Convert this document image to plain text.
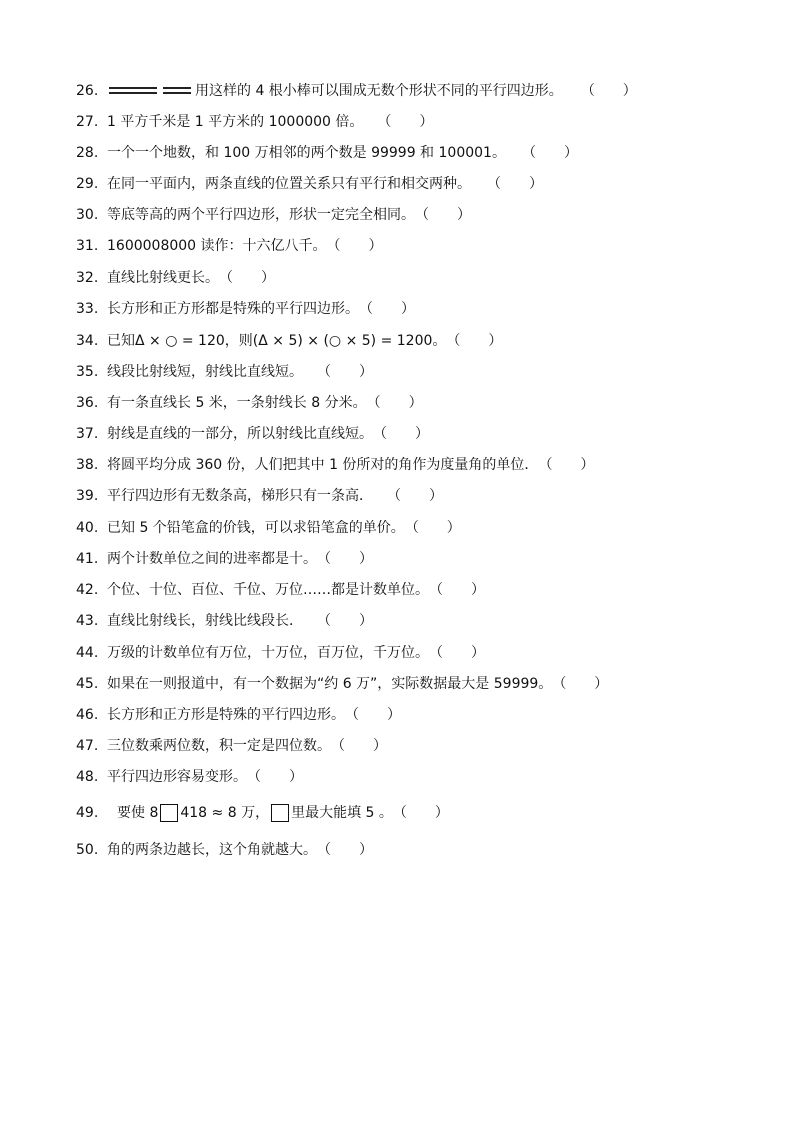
26.	用这样的 4 根小棒可以围成无数个形状不同的平行四边形。 （　　）
27. 1 平方千米是 1 平方米的 1000000 倍。 （　　）
28. 一个一个地数，和 100 万相邻的两个数是 99999 和 100001。 （　　）
29. 在同一平面内，两条直线的位置关系只有平行和相交两种。 （　　）
30. 等底等高的两个平行四边形，形状一定完全相同。 （　　）
31. 1600008000 读作：十六亿八千。 （　　）
32. 直线比射线更长。 （　　）
33. 长方形和正方形都是特殊的平行四边形。 （　　）
34. 已知Δ × ○ = 120，则(Δ × 5) × (○ × 5) = 1200。 （　　）
35. 线段比射线短，射线比直线短。 （　　）
36. 有一条直线长 5 米，一条射线长 8 分米。 （　　）
37. 射线是直线的一部分，所以射线比直线短。 （　　）
38. 将圆平均分成 360 份，人们把其中 1 份所对的角作为度量角的单位． （　　）
39. 平行四边形有无数条高，梯形只有一条高． （　　）
40. 已知 5 个铅笔盒的价钱，可以求铅笔盒的单价。 （　　）
41. 两个计数单位之间的进率都是十。 （　　）
42. 个位、十位、百位、千位、万位……都是计数单位。 （　　）
43. 直线比射线长，射线比线段长． （　　）
44. 万级的计数单位有万位，十万位，百万位，千万位。 （　　）
45. 如果在一则报道中，有一个数据为“约 6 万”，实际数据最大是 59999。 （　　）
46. 长方形和正方形是特殊的平行四边形。 （　　）
47. 三位数乘两位数，积一定是四位数。 （　　）
48. 平行四边形容易变形。 （　　）
49.	要使 8 418 ≈ 8 万， 里最大能填 5 。 （　　）
50. 角的两条边越长，这个角就越大。 （　　）
